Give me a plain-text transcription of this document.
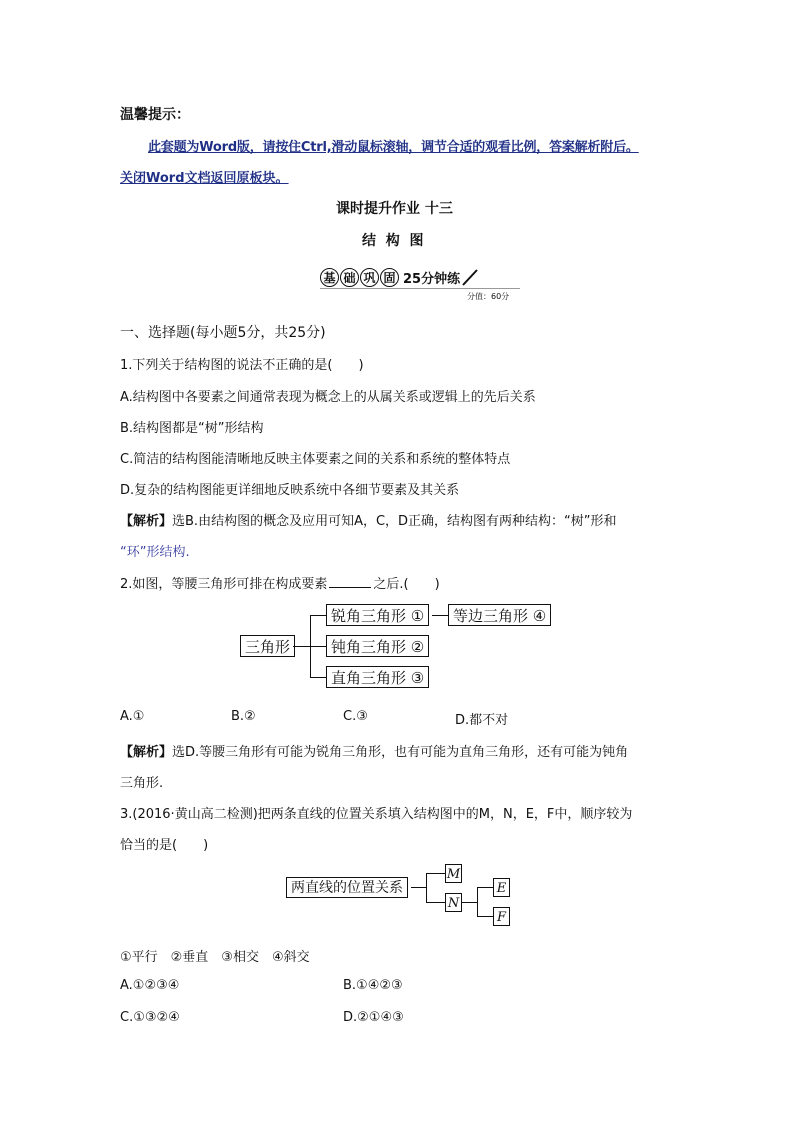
温馨提示：
此套题为Word版，请按住Ctrl,滑动鼠标滚轴，调节合适的观看比例，答案解析附后。
关闭Word文档返回原板块。
课时提升作业 十三
结  构  图
基 础 巩 固 25分钟练
分值：60分
一、选择题(每小题5分，共25分)
1.下列关于结构图的说法不正确的是(　　)
A.结构图中各要素之间通常表现为概念上的从属关系或逻辑上的先后关系
B.结构图都是“树”形结构
C.简洁的结构图能清晰地反映主体要素之间的关系和系统的整体特点
D.复杂的结构图能更详细地反映系统中各细节要素及其关系
【解析】选B.由结构图的概念及应用可知A，C，D正确，结构图有两种结构：“树”形和
“环”形结构.
2.如图，等腰三角形可排在构成要素	之后.(　　)
三角形
锐角三角形 ①
钝角三角形 ②
直角三角形 ③
等边三角形 ④
A.①	B.②	C.③	D.都不对
【解析】选D.等腰三角形有可能为锐角三角形，也有可能为直角三角形，还有可能为钝角
三角形.
3.(2016·黄山高二检测)把两条直线的位置关系填入结构图中的M，N，E，F中，顺序较为
恰当的是(　　)
两直线的位置关系
M
N
E
F
①平行　②垂直　③相交　④斜交
A.①②③④	B.①④②③
C.①③②④	D.②①④③
